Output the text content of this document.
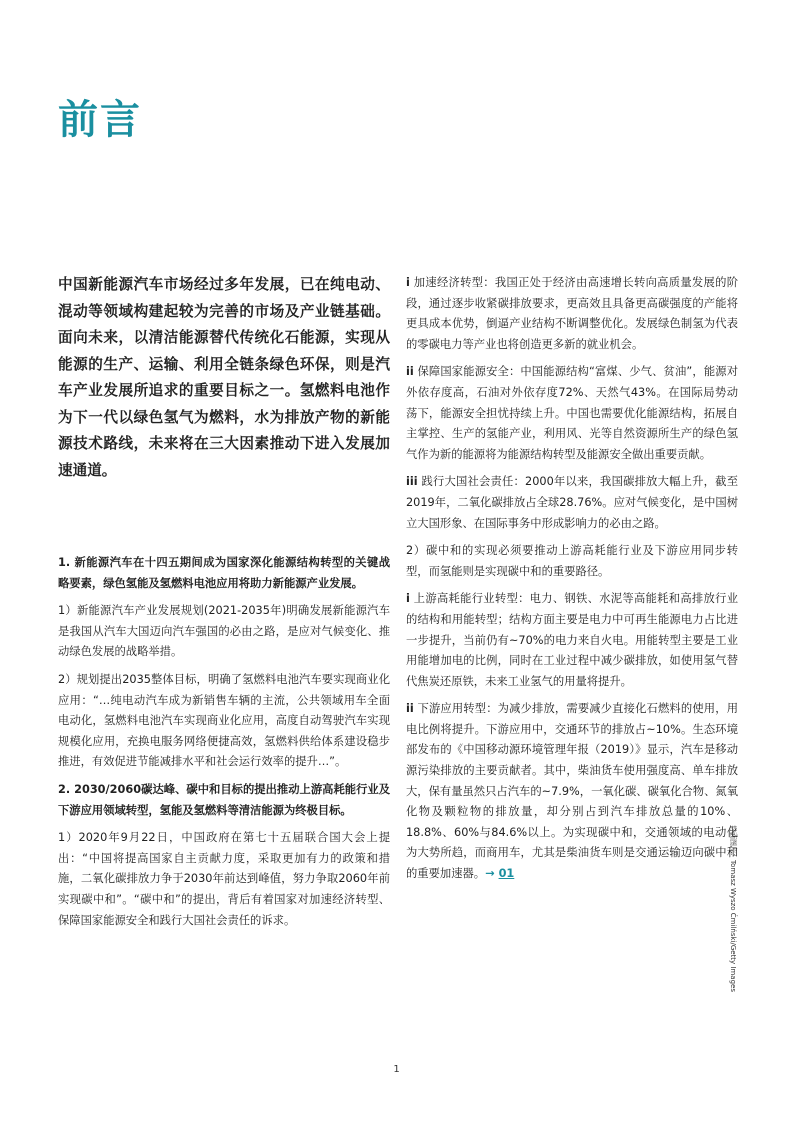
前言
中国新能源汽车市场经过多年发展，已在纯电动、混动等领域构建起较为完善的市场及产业链基础。面向未来，以清洁能源替代传统化石能源，实现从能源的生产、运输、利用全链条绿色环保，则是汽车产业发展所追求的重要目标之一。氢燃料电池作为下一代以绿色氢气为燃料，水为排放产物的新能源技术路线，未来将在三大因素推动下进入发展加速通道。

1. 新能源汽车在十四五期间成为国家深化能源结构转型的关键战略要素，绿色氢能及氢燃料电池应用将助力新能源产业发展。

1）新能源汽车产业发展规划(2021-2035年)明确发展新能源汽车是我国从汽车大国迈向汽车强国的必由之路，是应对气候变化、推动绿色发展的战略举措。

2）规划提出2035整体目标，明确了氢燃料电池汽车要实现商业化应用：“…纯电动汽车成为新销售车辆的主流，公共领域用车全面电动化，氢燃料电池汽车实现商业化应用，高度自动驾驶汽车实现规模化应用，充换电服务网络便捷高效，氢燃料供给体系建设稳步推进，有效促进节能减排水平和社会运行效率的提升…”。

2. 2030/2060碳达峰、碳中和目标的提出推动上游高耗能行业及下游应用领域转型，氢能及氢燃料等清洁能源为终极目标。

1）2020年9月22日，中国政府在第七十五届联合国大会上提出：“中国将提高国家自主贡献力度，采取更加有力的政策和措施，二氧化碳排放力争于2030年前达到峰值，努力争取2060年前实现碳中和”。“碳中和”的提出，背后有着国家对加速经济转型、保障国家能源安全和践行大国社会责任的诉求。

i 加速经济转型：我国正处于经济由高速增长转向高质量发展的阶段，通过逐步收紧碳排放要求，更高效且具备更高碳强度的产能将更具成本优势，倒逼产业结构不断调整优化。发展绿色制氢为代表的零碳电力等产业也将创造更多新的就业机会。

ii 保障国家能源安全：中国能源结构“富煤、少气、贫油”，能源对外依存度高，石油对外依存度72%、天然气43%。在国际局势动荡下，能源安全担忧持续上升。中国也需要优化能源结构，拓展自主掌控、生产的氢能产业，利用风、光等自然资源所生产的绿色氢气作为新的能源将为能源结构转型及能源安全做出重要贡献。

iii 践行大国社会责任：2000年以来，我国碳排放大幅上升，截至2019年，二氧化碳排放占全球28.76%。应对气候变化，是中国树立大国形象、在国际事务中形成影响力的必由之路。

2）碳中和的实现必须要推动上游高耗能行业及下游应用同步转型，而氢能则是实现碳中和的重要路径。

i 上游高耗能行业转型：电力、钢铁、水泥等高能耗和高排放行业的结构和用能转型；结构方面主要是电力中可再生能源电力占比进一步提升，当前仍有~70%的电力来自火电。用能转型主要是工业用能增加电的比例，同时在工业过程中减少碳排放，如使用氢气替代焦炭还原铁，未来工业氢气的用量将提升。

ii 下游应用转型：为减少排放，需要减少直接化石燃料的使用，用电比例将提升。下游应用中，交通环节的排放占~10%。生态环境部发布的《中国移动源环境管理年报（2019）》显示，汽车是移动源污染排放的主要贡献者。其中，柴油货车使用强度高、单车排放大，保有量虽然只占汽车的~7.9%，一氧化碳、碳氧化合物、氮氧化物及颗粒物的排放量，却分别占到汽车排放总量的10%、18.8%、60%与84.6%以上。为实现碳中和，交通领域的电动化为大势所趋，而商用车，尤其是柴油货车则是交通运输迈向碳中和的重要加速器。→ 01	封面图片：Tomasz Wyszo Ćmilński/Getty Images
1
